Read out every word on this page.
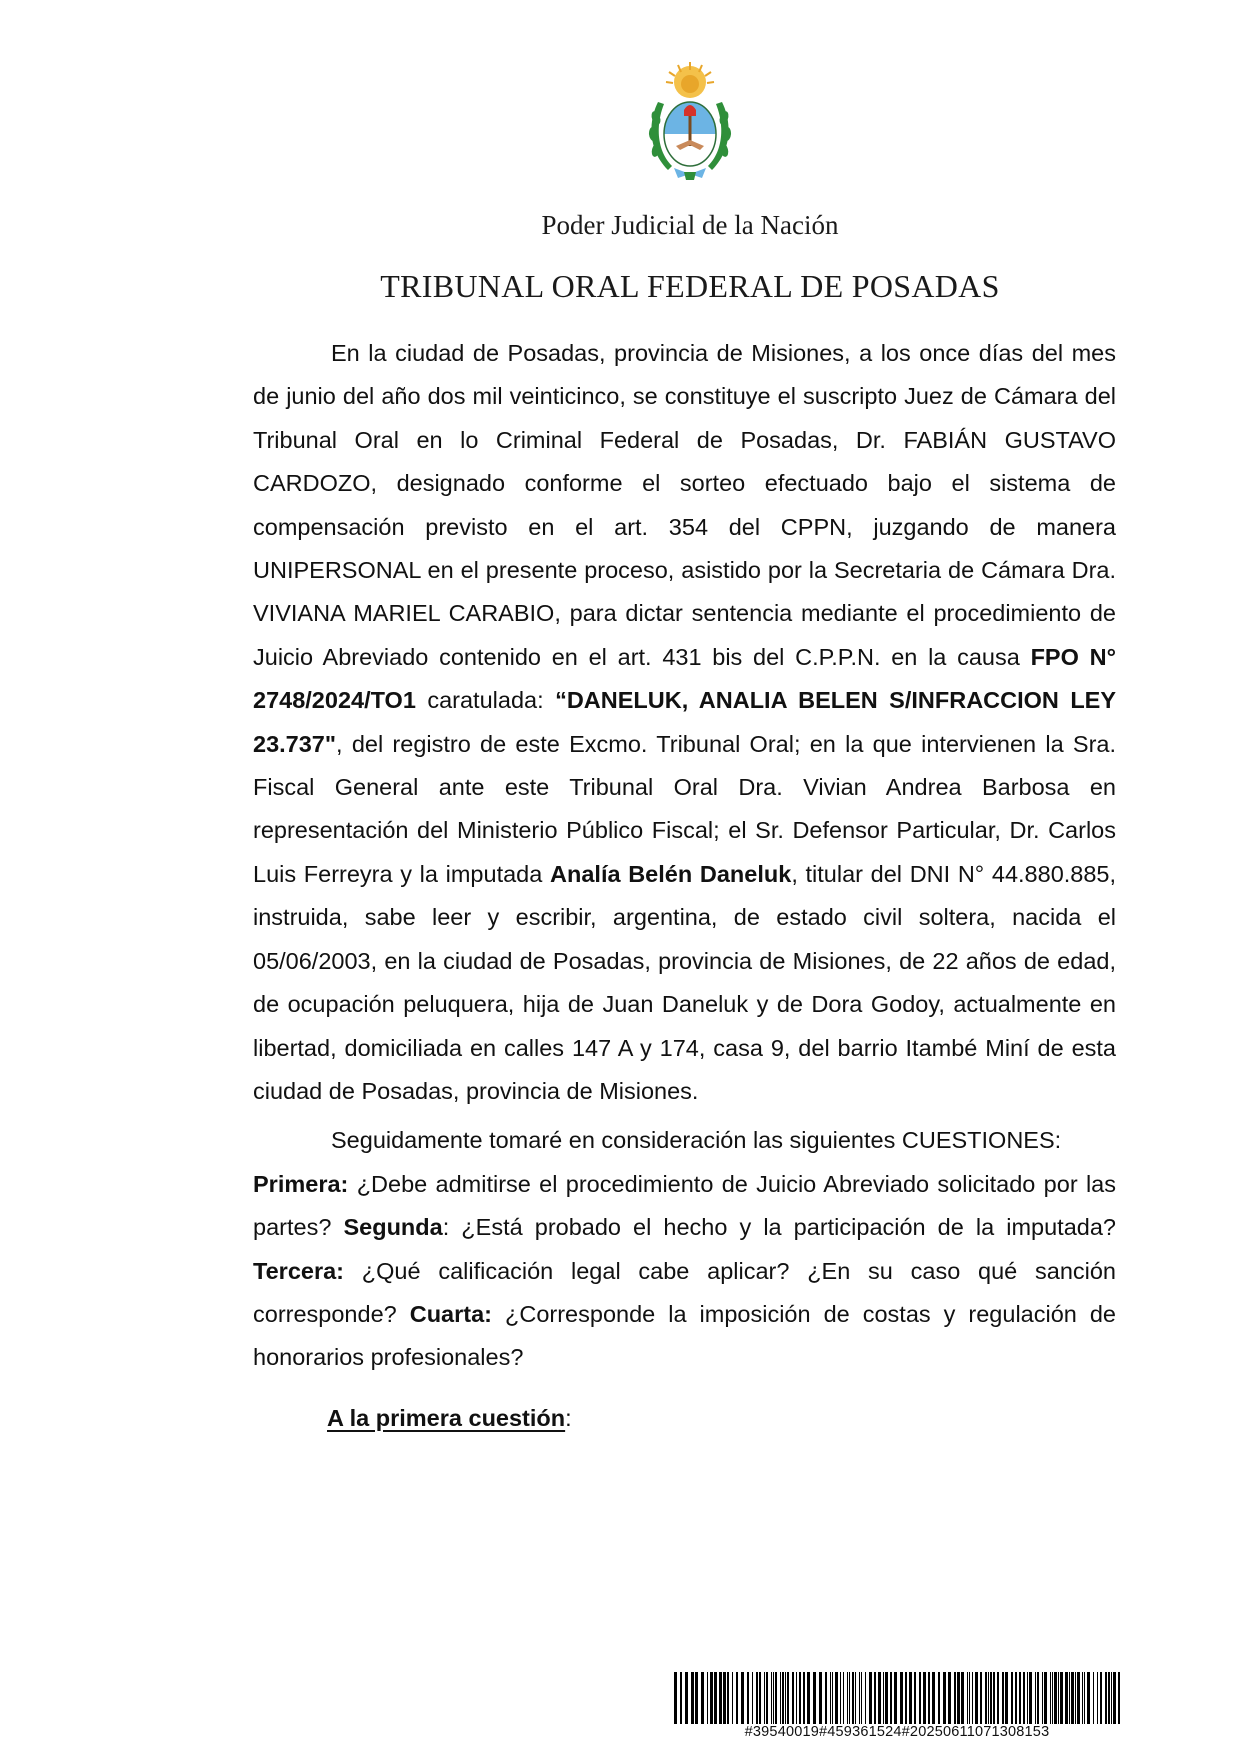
Poder Judicial de la Nación
TRIBUNAL ORAL FEDERAL DE POSADAS

En la ciudad de Posadas, provincia de Misiones, a los once días del mes de junio del año dos mil veinticinco, se constituye el suscripto Juez de Cámara del Tribunal Oral en lo Criminal Federal de Posadas, Dr. FABIÁN GUSTAVO CARDOZO, designado conforme el sorteo efectuado bajo el sistema de compensación previsto en el art. 354 del CPPN, juzgando de manera UNIPERSONAL en el presente proceso, asistido por la Secretaria de Cámara Dra. VIVIANA MARIEL CARABIO, para dictar sentencia mediante el procedimiento de Juicio Abreviado contenido en el art. 431 bis del C.P.P.N. en la causa FPO N° 2748/2024/TO1 caratulada: “DANELUK, ANALIA BELEN S/INFRACCION LEY 23.737", del registro de este Excmo. Tribunal Oral; en la que intervienen la Sra. Fiscal General ante este Tribunal Oral Dra. Vivian Andrea Barbosa en representación del Ministerio Público Fiscal; el Sr. Defensor Particular, Dr. Carlos Luis Ferreyra y la imputada Analía Belén Daneluk, titular del DNI N° 44.880.885, instruida, sabe leer y escribir, argentina, de estado civil soltera, nacida el 05/06/2003, en la ciudad de Posadas, provincia de Misiones, de 22 años de edad, de ocupación peluquera, hija de Juan Daneluk y de Dora Godoy, actualmente en libertad, domiciliada en calles 147 A y 174, casa 9, del barrio Itambé Miní de esta ciudad de Posadas, provincia de Misiones.

Seguidamente tomaré en consideración las siguientes CUESTIONES:
Primera: ¿Debe admitirse el procedimiento de Juicio Abreviado solicitado por las partes? Segunda: ¿Está probado el hecho y la participación de la imputada? Tercera: ¿Qué calificación legal cabe aplicar? ¿En su caso qué sanción corresponde? Cuarta: ¿Corresponde la imposición de costas y regulación de honorarios profesionales?

A la primera cuestión:

#39540019#459361524#20250611071308153
